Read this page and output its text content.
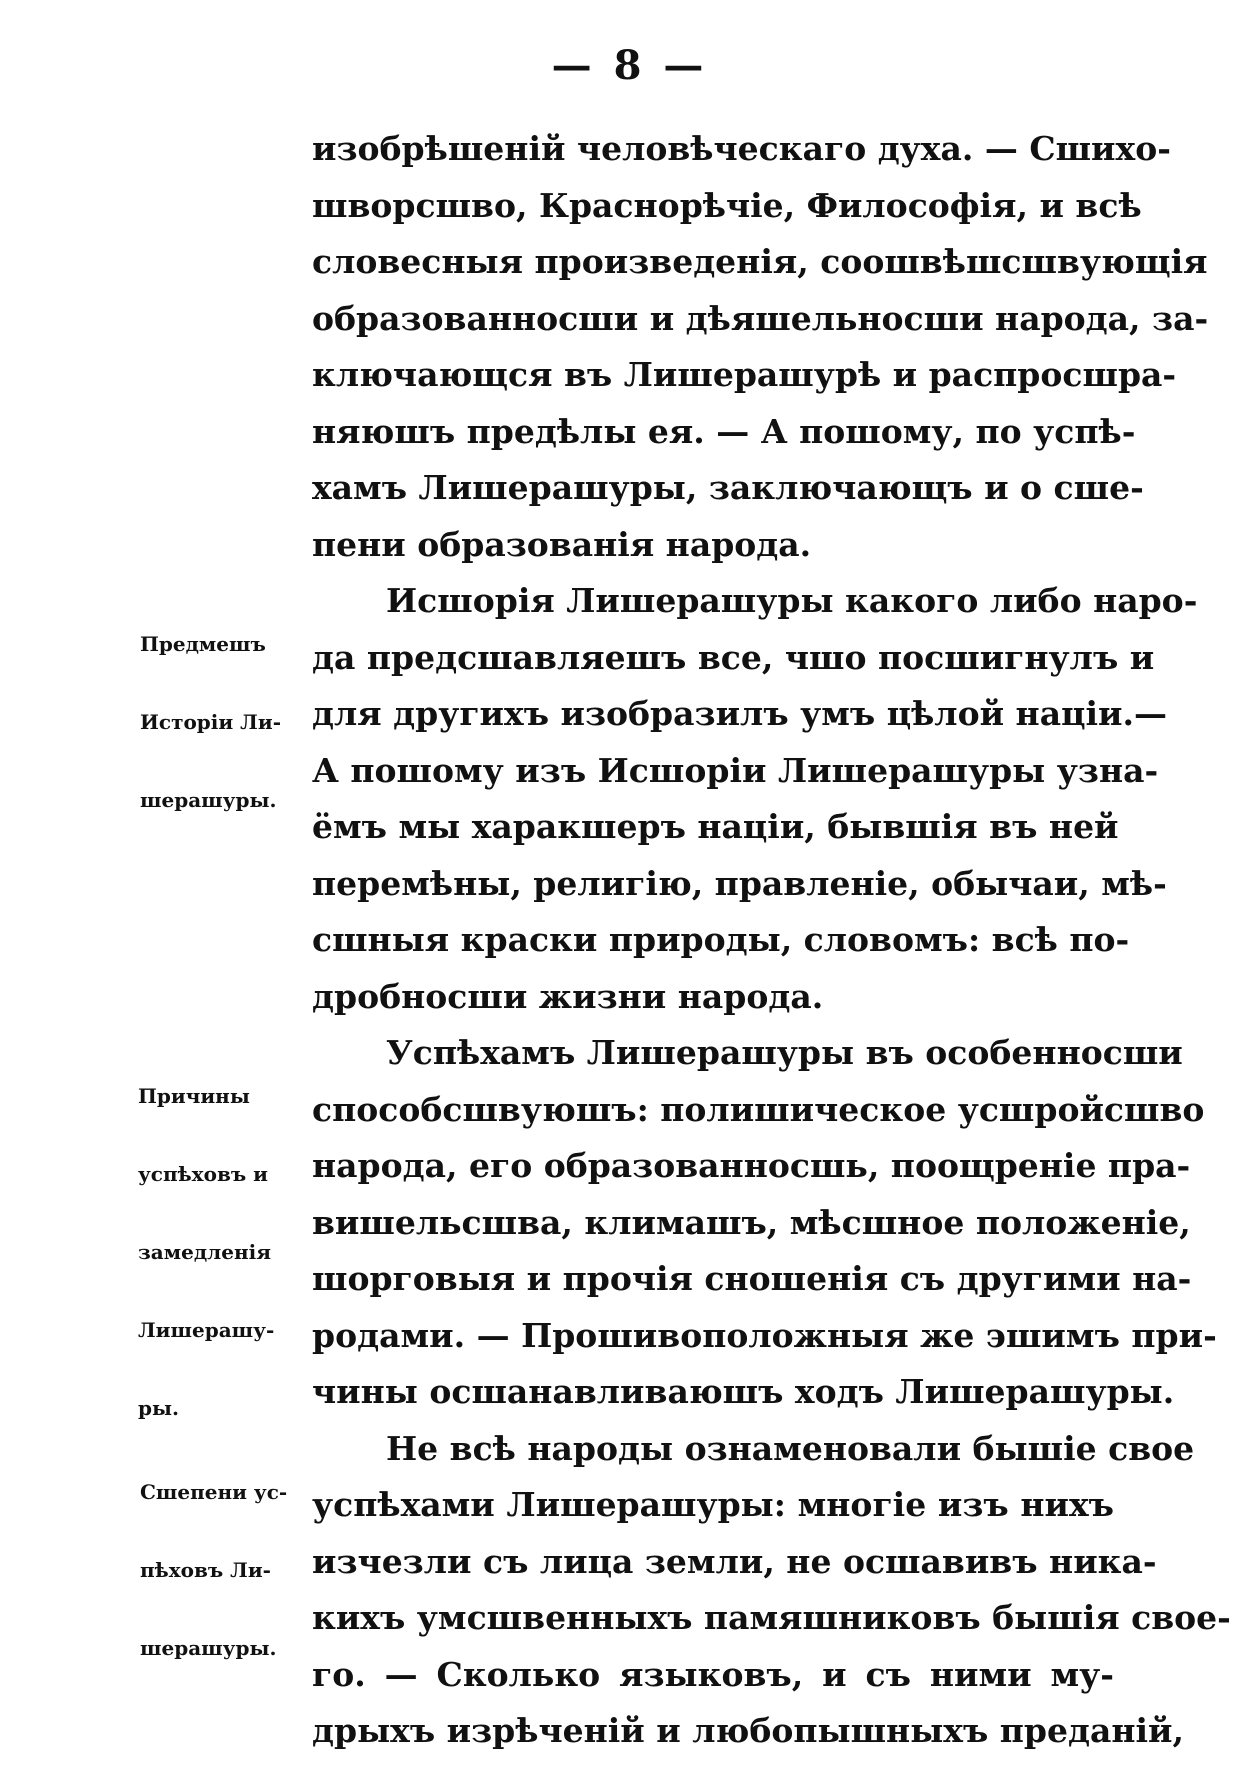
— 8 —
изобрѣшеній человѣческаго духа. — Сшихо-
шворсшво, Краснорѣчіе, Философія, и всѣ
словесныя произведенія, соошвѣшсшвующія
образованносши и дѣяшельносши народа, за-
ключающся въ Лишерашурѣ и распросшра-
няюшъ предѣлы ея. — А пошому, по успѣ-
хамъ Лишерашуры, заключающъ и о сше-
пени образованія народа.

Предмешъ

Исторіи Ли-

шерашуры.

Исшорія Лишерашуры какого либо наро-
да предсшавляешъ все, чшо посшигнулъ и
для другихъ изобразилъ умъ цѣлой націи.—
А пошому изъ Исшоріи Лишерашуры узна-
ёмъ мы харакшеръ націи, бывшія въ ней
перемѣны, религію, правленіе, обычаи, мѣ-
сшныя краски природы, словомъ: всѣ по-
дробносши жизни народа.

Причины

успѣховъ и

замедленія

Лишерашу-

ры.

Успѣхамъ Лишерашуры въ особенносши
способсшвуюшъ: полишическое усшройсшво
народа, его образованносшь, поощреніе пра-
вишельсшва, климашъ, мѣсшное положеніе,
шорговыя и прочія сношенія съ другими на-
родами. — Прошивоположныя же эшимъ при-
чины осшанавливаюшъ ходъ Лишерашуры.

Сшепени ус-

пѣховъ Ли-

шерашуры.

Не всѣ народы ознаменовали бышіе свое
успѣхами Лишерашуры: многіе изъ нихъ
изчезли съ лица земли, не осшавивъ ника-
кихъ умсшвенныхъ памяшниковъ бышія свое-
го. — Сколько языковъ, и съ ними му-
дрыхъ изрѣченій и любопышныхъ преданій,
